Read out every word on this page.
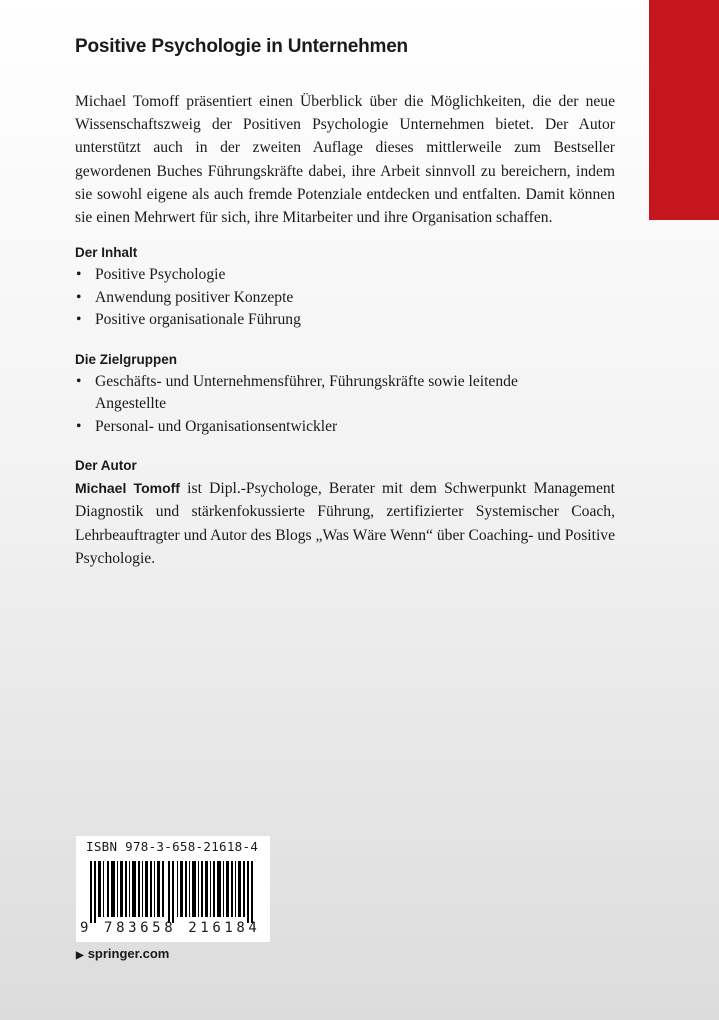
Positive Psychologie in Unternehmen

Michael Tomoff präsentiert einen Überblick über die Möglichkeiten, die der neue Wissenschaftszweig der Positiven Psychologie Unternehmen bietet. Der Autor unterstützt auch in der zweiten Auflage dieses mittlerweile zum Bestseller gewordenen Buches Führungskräfte dabei, ihre Arbeit sinnvoll zu bereichern, indem sie sowohl eigene als auch fremde Potenziale entdecken und entfalten. Damit können sie einen Mehrwert für sich, ihre Mitarbeiter und ihre Organisation schaffen.

Der Inhalt
• Positive Psychologie
• Anwendung positiver Konzepte
• Positive organisationale Führung
Die Zielgruppen
• Geschäfts- und Unternehmensführer, Führungskräfte sowie leitende Angestellte
• Personal- und Organisationsentwickler
Der Autor

Michael Tomoff ist Dipl.-Psychologe, Berater mit dem Schwerpunkt Management Diagnostik und stärkenfokussierte Führung, zertifizierter Systemischer Coach, Lehrbeauftragter und Autor des Blogs „Was Wäre Wenn“ über Coaching- und Positive Psychologie.

ISBN 978-3-658-21618-4
9 783658 216184
▶ springer.com
